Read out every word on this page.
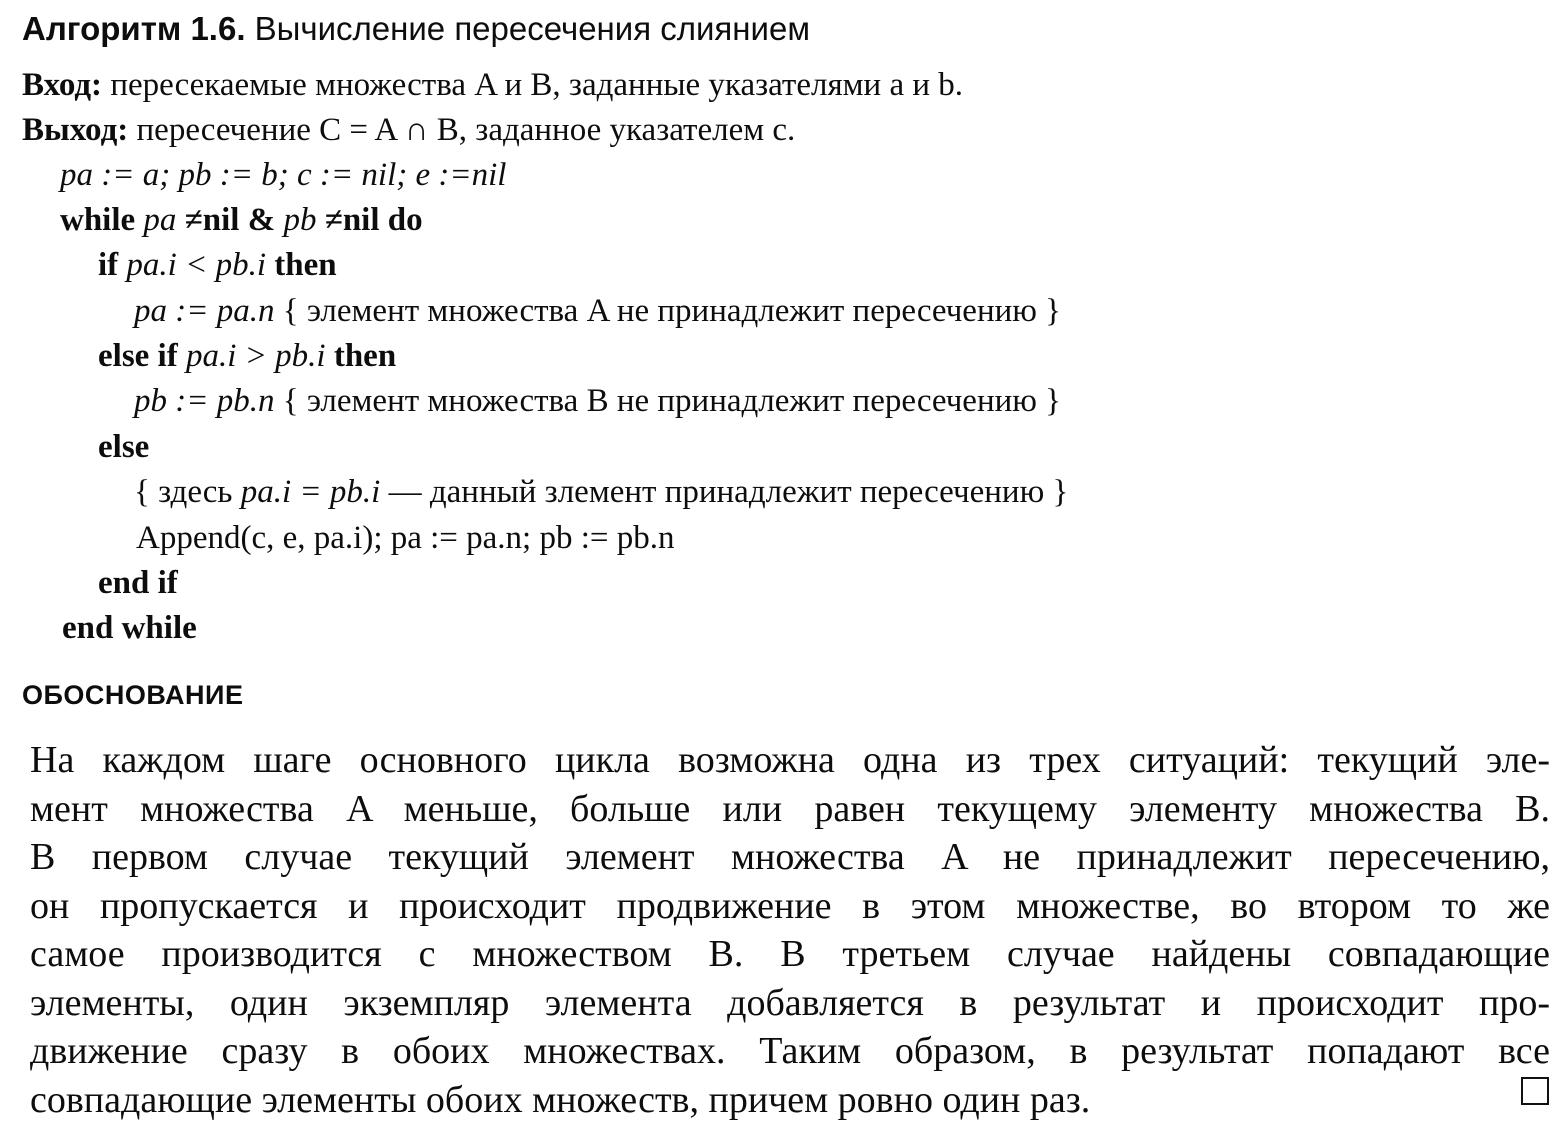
Алгоритм 1.6. Вычисление пересечения слиянием
Вход: пересекаемые множества A и B, заданные указателями a и b.
Выход: пересечение C = A ∩ B, заданное указателем c.
pa := a; pb := b; c := nil; e :=nil
while pa ≠nil & pb ≠nil do
if pa.i < pb.i then
pa := pa.n { элемент множества A не принадлежит пересечению }
else if pa.i > pb.i then
pb := pb.n { элемент множества B не принадлежит пересечению }
else
{ здесь pa.i = pb.i — данный злемент принадлежит пересечению }
Append(c, e, pa.i); pa := pa.n; pb := pb.n
end if
end while
ОБОСНОВАНИЕ
На каждом шаге основного цикла возможна одна из трех ситуаций: текущий эле-
мент множества A меньше, больше или равен текущему элементу множества B.
В первом случае текущий элемент множества A не принадлежит пересечению,
он пропускается и происходит продвижение в этом множестве, во втором то же
самое производится с множеством B. В третьем случае найдены совпадающие
элементы, один экземпляр элемента добавляется в результат и происходит про-
движение сразу в обоих множествах. Таким образом, в результат попадают все
совпадающие элементы обоих множеств, причем ровно один раз.
